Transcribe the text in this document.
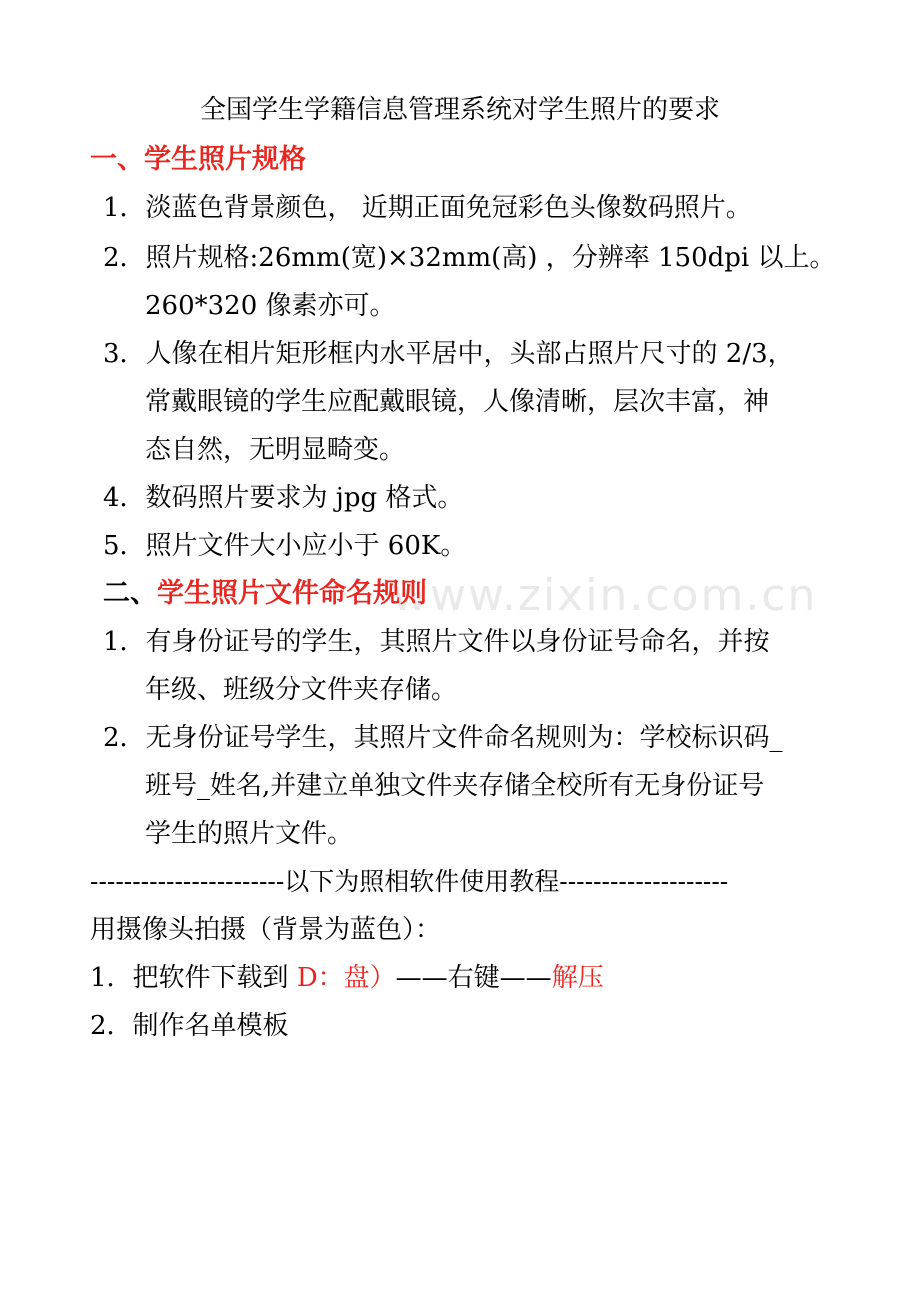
www.zixin.com.cn
全国学生学籍信息管理系统对学生照片的要求
一、学生照片规格
1．淡蓝色背景颜色， 近期正面免冠彩色头像数码照片。
2．照片规格:26mm(宽)×32mm(高) ，分辨率 150dpi 以上。
260*320 像素亦可。
3．人像在相片矩形框内水平居中，头部占照片尺寸的 2/3，
常戴眼镜的学生应配戴眼镜，人像清晰，层次丰富，神
态自然，无明显畸变。
4．数码照片要求为 jpg 格式。
5．照片文件大小应小于 60K。
二、学生照片文件命名规则
1．有身份证号的学生，其照片文件以身份证号命名，并按
年级、班级分文件夹存储。
2．无身份证号学生，其照片文件命名规则为：学校标识码_
班号_姓名,并建立单独文件夹存储全校所有无身份证号
学生的照片文件。
-----------------------以下为照相软件使用教程--------------------
用摄像头拍摄（背景为蓝色）：
1．把软件下载到 D：盘）——右键——解压
2．制作名单模板
